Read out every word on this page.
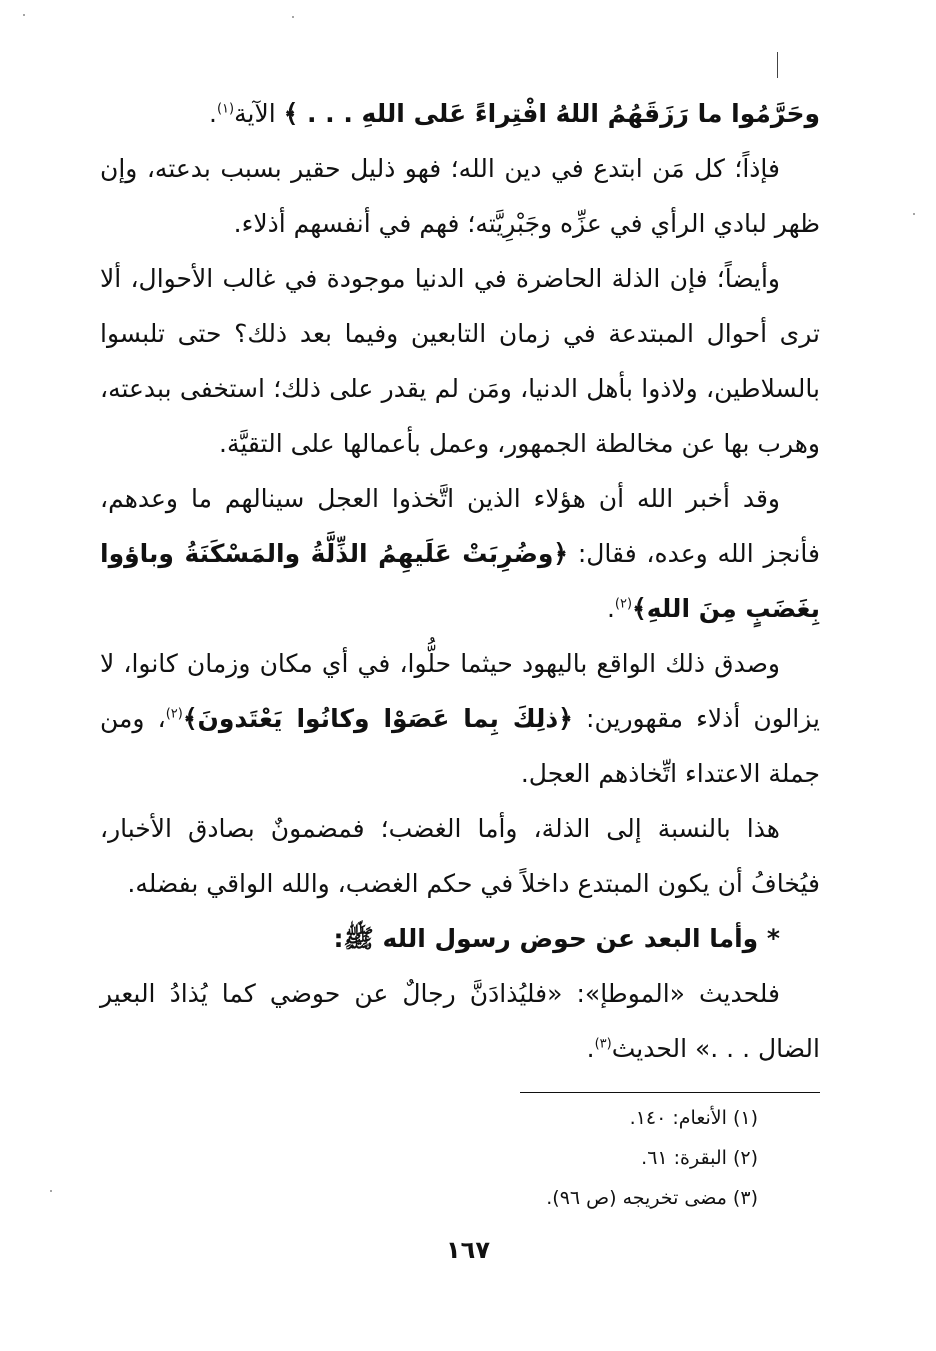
وحَرَّمُوا ما رَزَقَهُمُ اللهُ افْتِراءً عَلى اللهِ . . . ﴾ الآية$^{(١)}$.

فإذاً؛ كل مَن ابتدع في دين الله؛ فهو ذليل حقير بسبب بدعته، وإن ظهر لبادي الرأي في عزِّه وجَبْرِيَّته؛ فهم في أنفسهم أذلاء.

وأيضاً؛ فإن الذلة الحاضرة في الدنيا موجودة في غالب الأحوال، ألا ترى أحوال المبتدعة في زمان التابعين وفيما بعد ذلك؟ حتى تلبسوا بالسلاطين، ولاذوا بأهل الدنيا، ومَن لم يقدر على ذلك؛ استخفى ببدعته، وهرب بها عن مخالطة الجمهور، وعمل بأعمالها على التقيَّة.

وقد أخبر الله أن هؤلاء الذين اتَّخذوا العجل سينالهم ما وعدهم، فأنجز الله وعده، فقال: ﴿وضُرِبَتْ عَلَيهِمُ الذِّلَّةُ والمَسْكَنَةُ وباؤوا بِغَضَبٍ مِنَ اللهِ﴾$^{(٢)}$.

وصدق ذلك الواقع باليهود حيثما حلُّوا، في أي مكان وزمان كانوا، لا يزالون أذلاء مقهورين: ﴿ذلِكَ بِما عَصَوْا وكانُوا يَعْتَدونَ﴾$^{(٢)}$، ومن جملة الاعتداء اتِّخاذهم العجل.

هذا بالنسبة إلى الذلة، وأما الغضب؛ فمضمونٌ بصادق الأخبار، فيُخافُ أن يكون المبتدع داخلاً في حكم الغضب، والله الواقي بفضله.

* وأما البعد عن حوض رسول الله ﷺ:

فلحديث «الموطإ»: «فليُذادَنَّ رجالٌ عن حوضي كما يُذادُ البعير الضال . . .» الحديث$^{(٣)}$.

(١) الأنعام: ١٤٠.

(٢) البقرة: ٦١.

(٣) مضى تخريجه (ص ٩٦).

١٦٧
